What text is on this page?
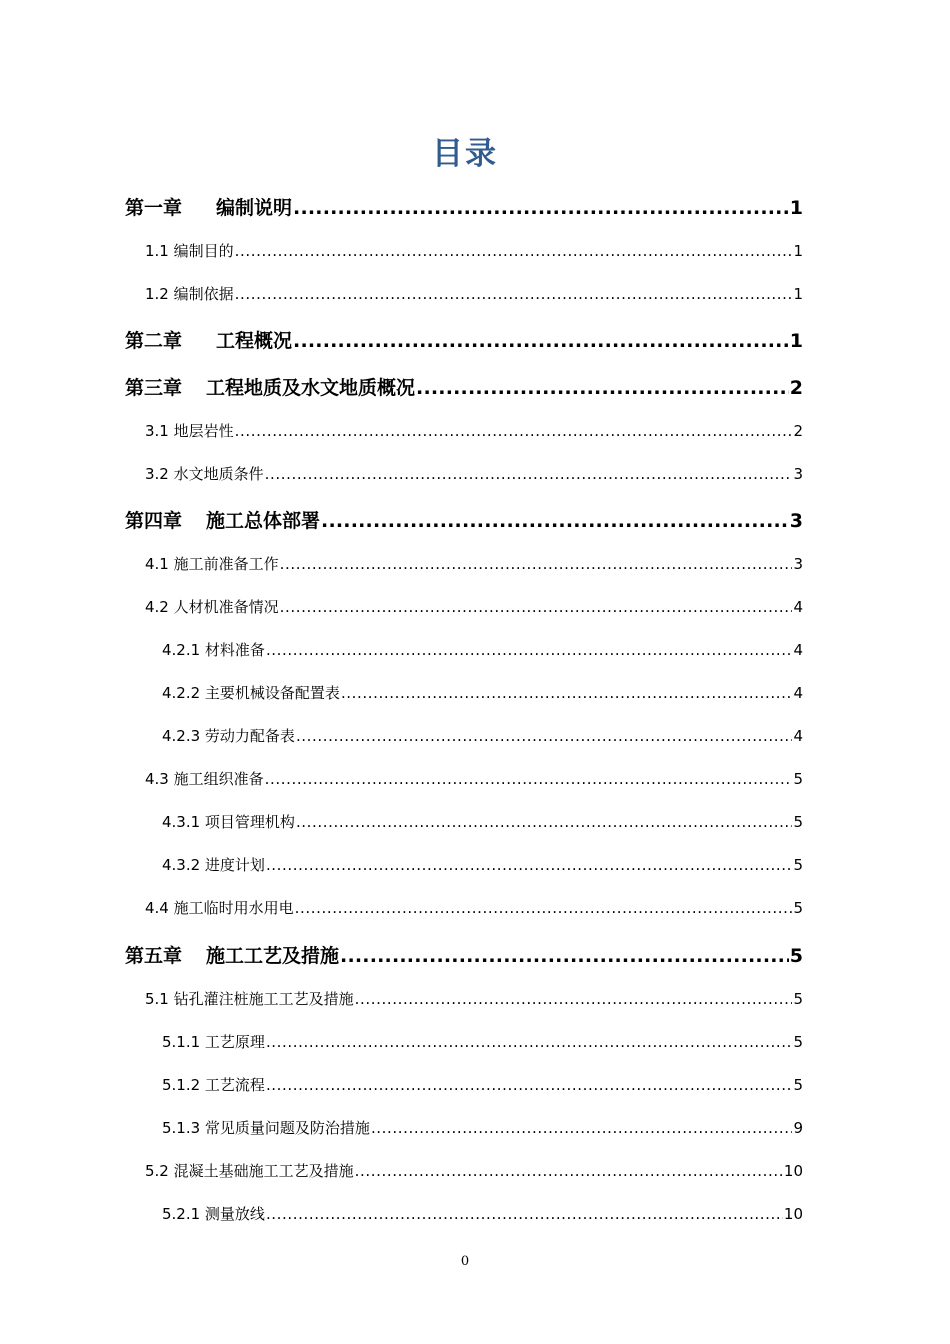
目录
第一章	编制说明 .....	1
1.1 编制目的 .....	1
1.2 编制依据 .....	1
第二章	工程概况 .....	1
第三章	工程地质及水文地质概况 .....	2
3.1 地层岩性 .....	2
3.2 水文地质条件 .....	3
第四章	施工总体部署 .....	3
4.1 施工前准备工作 .....	3
4.2 人材机准备情况 .....	4
4.2.1 材料准备 .....	4
4.2.2 主要机械设备配置表 .....	4
4.2.3 劳动力配备表 .....	4
4.3 施工组织准备 .....	5
4.3.1 项目管理机构 .....	5
4.3.2 进度计划 .....	5
4.4 施工临时用水用电 .....	5
第五章	施工工艺及措施 .....	5
5.1 钻孔灌注桩施工工艺及措施 .....	5
5.1.1 工艺原理 .....	5
5.1.2 工艺流程 .....	5
5.1.3 常见质量问题及防治措施 .....	9
5.2 混凝土基础施工工艺及措施 .....	10
5.2.1 测量放线 .....	10
0
